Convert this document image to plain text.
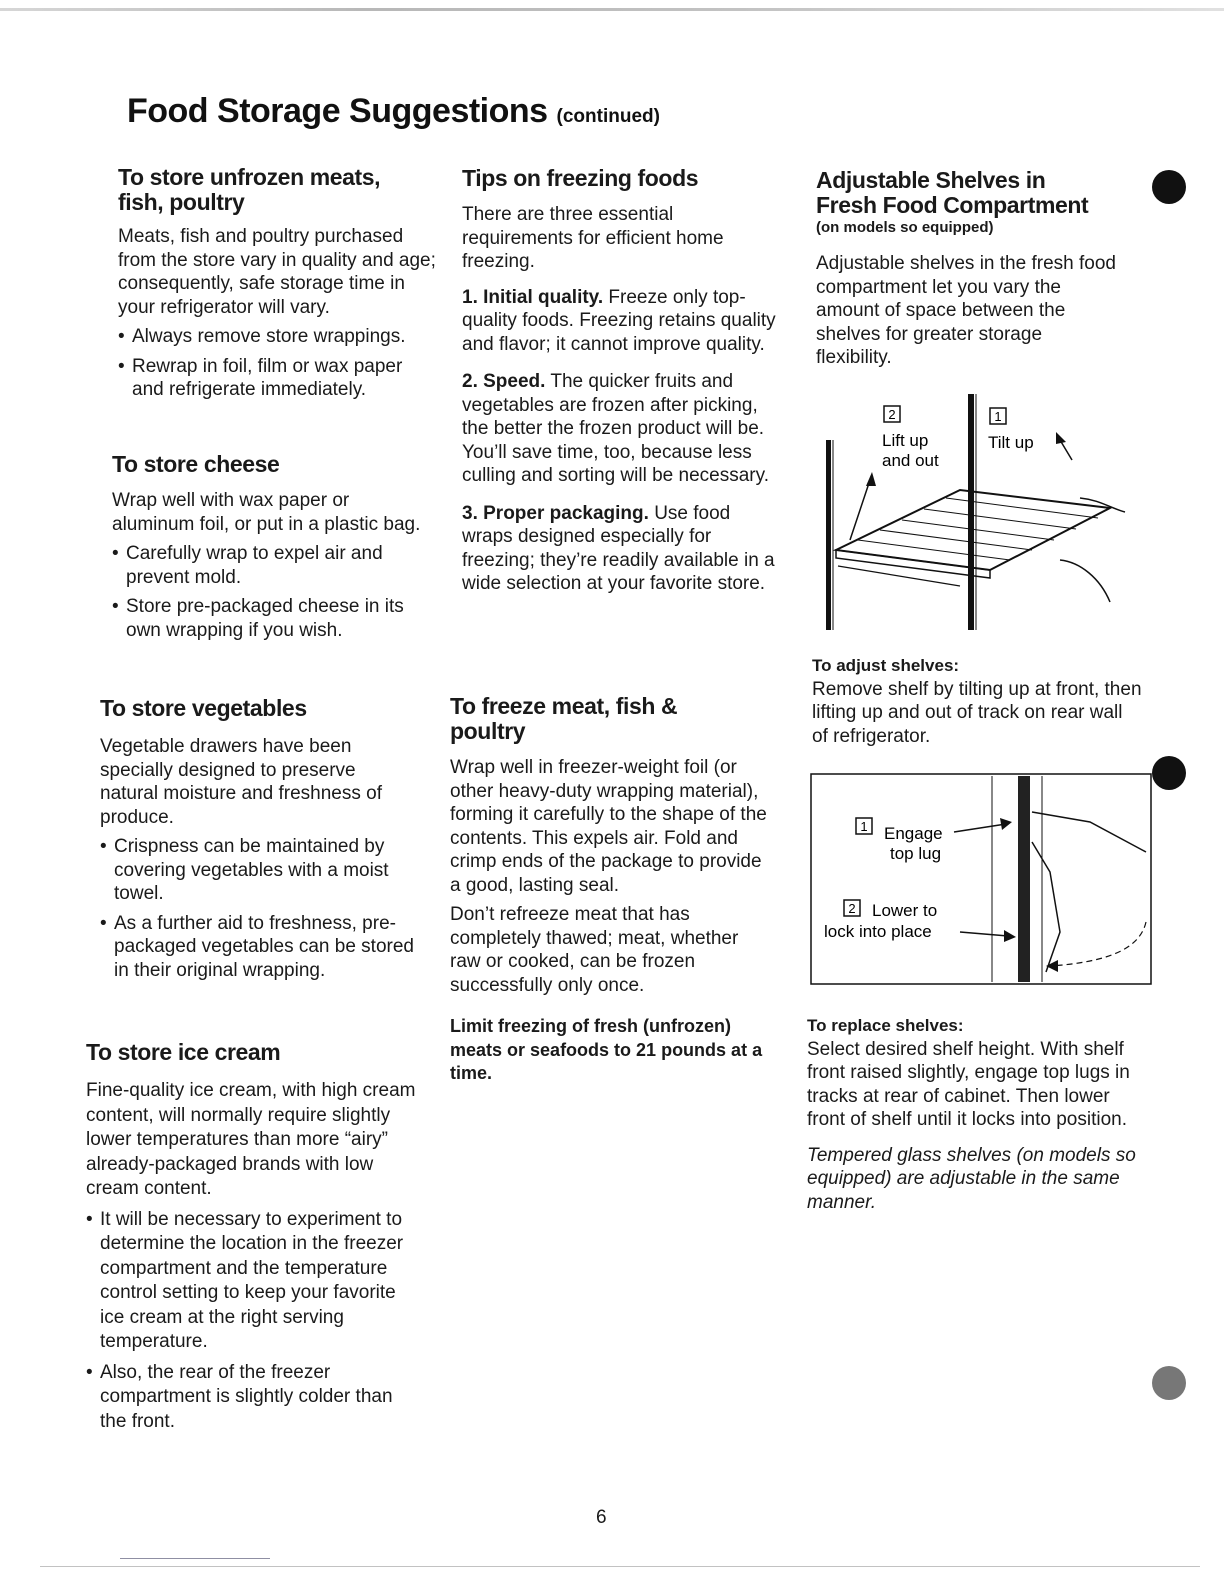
Food Storage Suggestions (continued)
To store unfrozen meats,
fish, poultry

Meats, fish and poultry purchased from the store vary in quality and age; consequently, safe storage time in your refrigerator will vary.

• Always remove store wrappings.

• Rewrap in foil, film or wax paper and refrigerate immediately.

To store cheese

Wrap well with wax paper or aluminum foil, or put in a plastic bag.

• Carefully wrap to expel air and prevent mold.

• Store pre-packaged cheese in its own wrapping if you wish.

To store vegetables

Vegetable drawers have been specially designed to preserve natural moisture and freshness of produce.

• Crispness can be maintained by covering vegetables with a moist towel.

• As a further aid to freshness, pre-packaged vegetables can be stored in their original wrapping.

To store ice cream

Fine-quality ice cream, with high cream content, will normally require slightly lower temperatures than more “airy” already-packaged brands with low cream content.

• It will be necessary to experiment to determine the location in the freezer compartment and the temperature control setting to keep your favorite ice cream at the right serving temperature.

• Also, the rear of the freezer compartment is slightly colder than the front.

Tips on freezing foods

There are three essential requirements for efficient home freezing.

1. Initial quality. Freeze only top-quality foods. Freezing retains quality and flavor; it cannot improve quality.

2. Speed. The quicker fruits and vegetables are frozen after picking, the better the frozen product will be. You’ll save time, too, because less culling and sorting will be necessary.

3. Proper packaging. Use food wraps designed especially for freezing; they’re readily available in a wide selection at your favorite store.

To freeze meat, fish & poultry

Wrap well in freezer-weight foil (or other heavy-duty wrapping material), forming it carefully to the shape of the contents. This expels air. Fold and crimp ends of the package to provide a good, lasting seal.

Don’t refreeze meat that has completely thawed; meat, whether raw or cooked, can be frozen successfully only once.

Limit freezing of fresh (unfrozen) meats or seafoods to 21 pounds at a time.

Adjustable Shelves in
Fresh Food Compartment
(on models so equipped)

Adjustable shelves in the fresh food compartment let you vary the amount of space between the shelves for greater storage flexibility.

2
Lift up
and out
1
Tilt up

To adjust shelves:

Remove shelf by tilting up at front, then lifting up and out of track on rear wall of refrigerator.

1 Engage
top lug
2 Lower to
lock into place

To replace shelves:

Select desired shelf height. With shelf front raised slightly, engage top lugs in tracks at rear of cabinet. Then lower front of shelf until it locks into position.

Tempered glass shelves (on models so equipped) are adjustable in the same manner.

6
